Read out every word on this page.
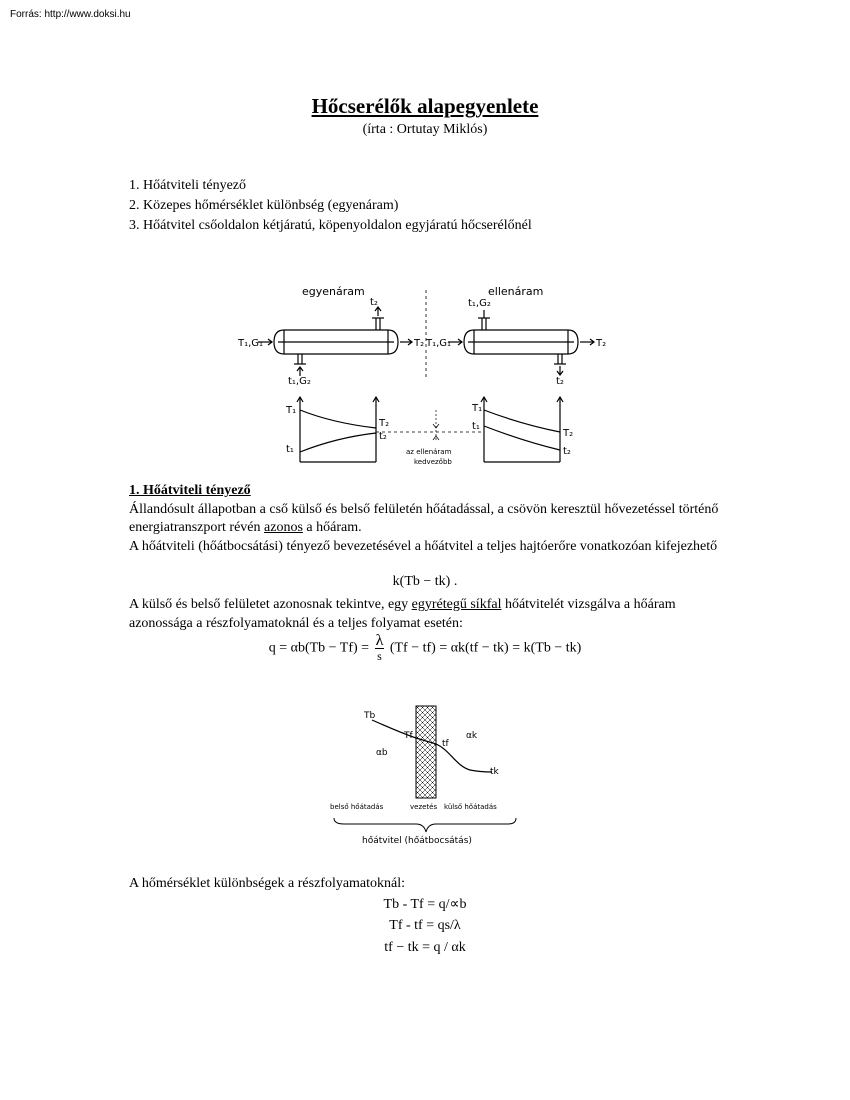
Forrás: http://www.doksi.hu
Hőcserélők alapegyenlete
(írta : Ortutay Miklós)
1. Hőátviteli tényező
2. Közepes hőmérséklet különbség (egyenáram)
3. Hőátvitel csőoldalon kétjáratú, köpenyoldalon egyjáratú hőcserélőnél
egyenáram	ellenáram
t₂
T₁,G₁	T₂
t₁,G₂
t₁,G₂
T₁,G₁	T₂
t₂
T₁
t₁
T₂
t₂
az ellenáram
kedvezőbb
T₁
t₁
T₂
t₂

1. Hőátviteli tényező

Állandósult állapotban a cső külső és belső felületén hőátadással, a csövön keresztül hővezetéssel történő energiatranszport révén azonos a hőáram.

A hőátviteli (hőátbocsátási) tényező bevezetésével a hőátvitel a teljes hajtóerőre vonatkozóan kifejezhető

k(Tb − tk) .

A külső és belső felületet azonosnak tekintve, egy egyrétegű síkfal hőátvitelét vizsgálva a hőáram azonossága a részfolyamatoknál és a teljes folyamat esetén:

$q = \alpha b(Tb - Tf) = \frac{\lambda}{s} (Tf - tf) = \alpha k(tf - tk) = k(Tb - tk)$
Tb
Tf
tf
tk
αb
αk
belső hőátadás	vezetés külső hőátadás
hőátvitel (hőátbocsátás)
A hőmérséklet különbségek a részfolyamatoknál:
Tb - Tf = q/∝b
Tf - tf = qs/λ
tf − tk = q / αk
